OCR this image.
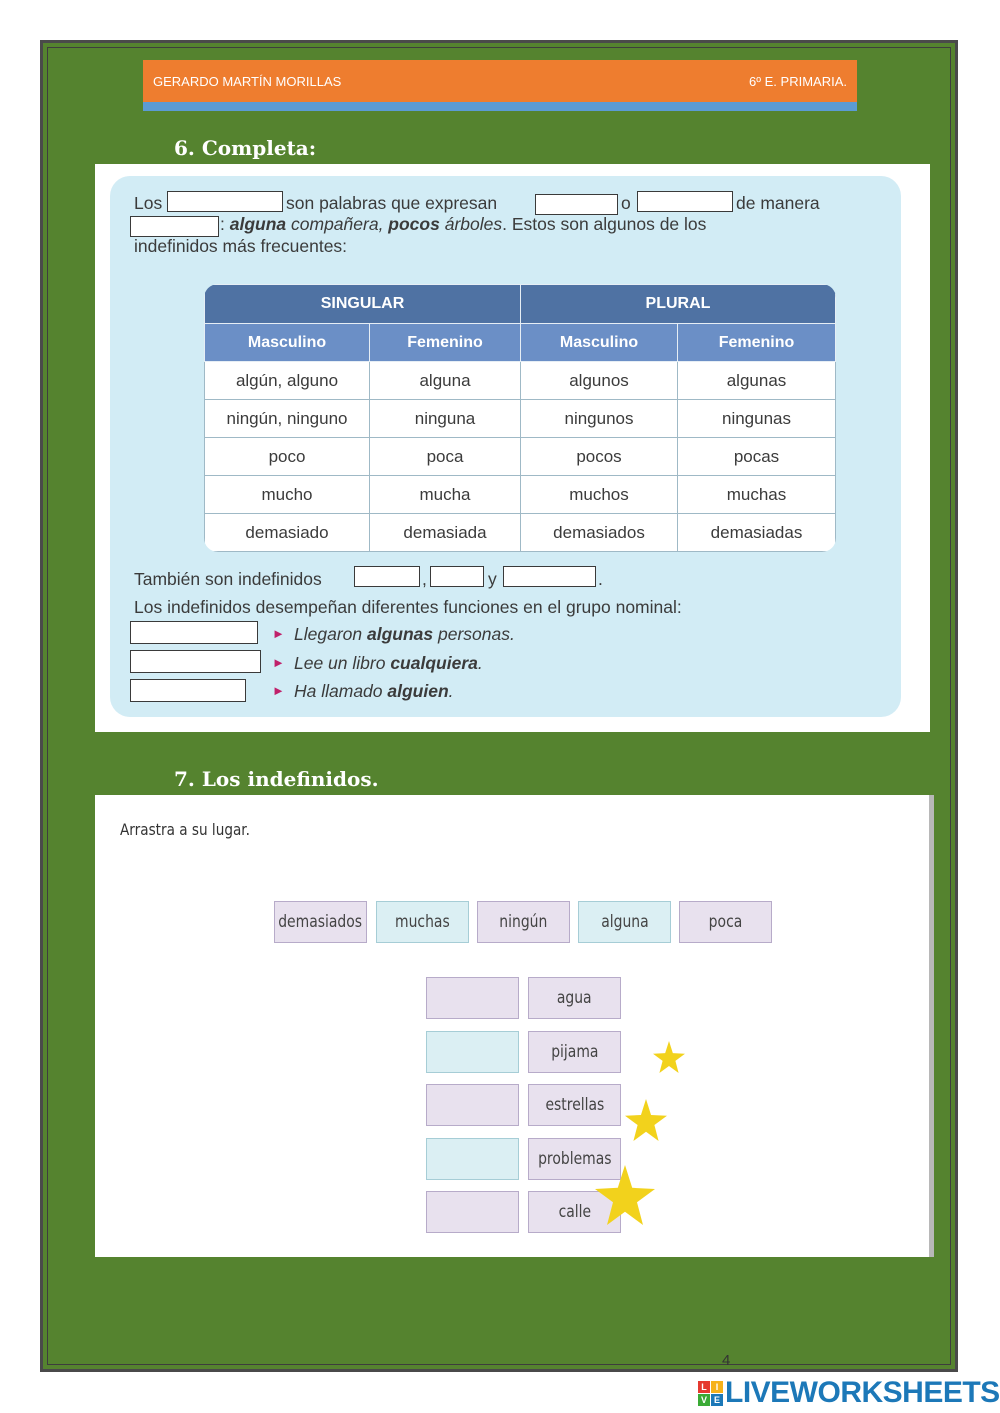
GERARDO MARTÍN MORILLAS	6º E. PRIMARIA.
6. Completa:
Los	son palabras que expresan	o	de manera
: alguna compañera, pocos árboles. Estos son algunos de los
indefinidos más frecuentes:
SINGULAR		PLURAL	
Masculino	Femenino	Masculino	Femenino
algún, alguno	alguna	algunos	algunas
ningún, ninguno	ninguna	ningunos	ningunas
poco	poca	pocos	pocas
mucho	mucha	muchos	muchas
demasiado	demasiada	demasiados	demasiadas
También son indefinidos	,	y	.
Los indefinidos desempeñan diferentes funciones en el grupo nominal:
► Llegaron algunas personas.
► Lee un libro cualquiera.
► Ha llamado alguien.
7. Los indefinidos.
Arrastra a su lugar.
demasiados muchas	ningún	alguna	poca
agua
pijama
estrellas
problemas
calle
4
L I
V E LIVEWORKSHEETS
